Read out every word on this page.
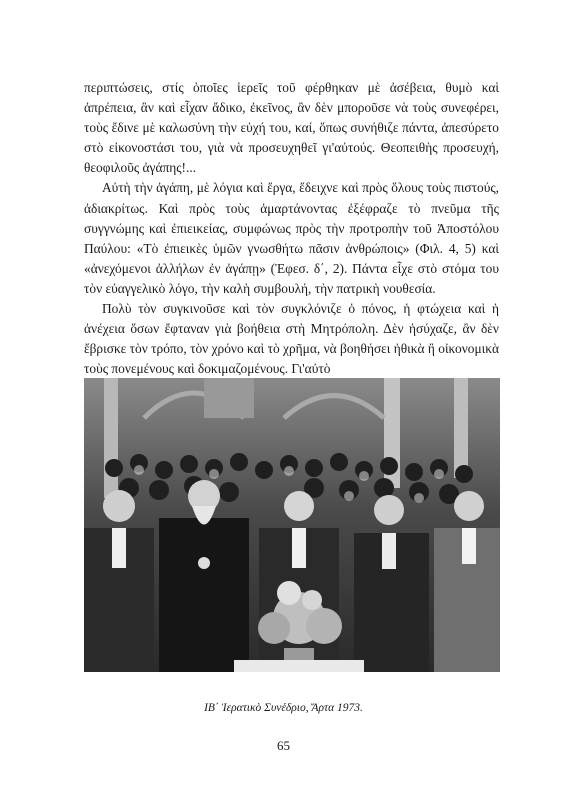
περιπτώσεις, στίς ὁποῖες ἱερεῖς τοῦ φέρθηκαν μὲ ἀσέβεια, θυμὸ καὶ ἀπρέπεια, ἂν καὶ εἶχαν ἄδικο, ἐκεῖνος, ἂν δὲν μποροῦσε νὰ τοὺς συνεφέρει, τοὺς ἔδινε μὲ καλωσύνη τὴν εὐχή του, καί, ὅπως συνήθιζε πάντα, ἀπεσύρετο στὸ εἰκονοστάσι του, γιὰ νὰ προσευχηθεῖ γι'αὐτούς. Θεοπειθὴς προσευχή, θεοφιλοῦς ἀγάπης!...

Αὐτὴ τὴν ἀγάπη, μὲ λόγια καὶ ἔργα, ἔδειχνε καὶ πρὸς ὅλους τοὺς πιστούς, ἀδιακρίτως. Καὶ πρὸς τοὺς ἁμαρτάνοντας ἐξέφραζε τὸ πνεῦμα τῆς συγγνώμης καὶ ἐπιεικείας, συμφώνως πρὸς τὴν προτροπὴν τοῦ Ἀποστόλου Παύλου: «Τὸ ἐπιεικὲς ὑμῶν γνωσθήτω πᾶσιν ἀνθρώποις» (Φιλ. 4, 5) καὶ «ἀνεχόμενοι ἀλλήλων ἐν ἀγάπῃ» (Ἐφεσ. δ΄, 2). Πάντα εἶχε στὸ στόμα του τὸν εὐαγγελικὸ λόγο, τὴν καλὴ συμβουλή, τὴν πατρικὴ νουθεσία.

Πολὺ τὸν συγκινοῦσε καὶ τὸν συγκλόνιζε ὁ πόνος, ἡ φτώχεια καὶ ἡ ἀνέχεια ὅσων ἔφταναν γιὰ βοήθεια στὴ Μητρόπολη. Δὲν ἡσύχαζε, ἂν δὲν ἔβρισκε τὸν τρόπο, τὸν χρόνο καὶ τὸ χρῆμα, νὰ βοηθήσει ἠθικὰ ἢ οἰκονομικὰ τοὺς πονεμένους καὶ δοκιμαζομένους. Γι'αὐτὸ

ΙΒ΄ Ἱερατικὸ Συνέδριο, Ἄρτα 1973.
65
